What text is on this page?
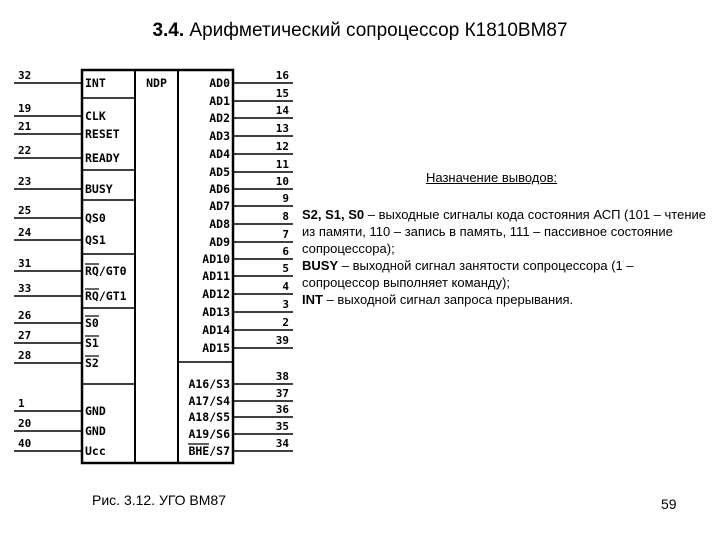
3.4. Арифметический сопроцессор К1810ВМ87
NDP
32
INT
19
CLK
21
RESET
22
READY
23
BUSY
25
QS0
24
QS1
31
RQ/GT0
33
RQ/GT1
26
S0
27
S1
28
S2
1
GND
20
GND
40
Ucc
16
AD0
15
AD1
14
AD2
13
AD3
12
AD4
11
AD5
10
AD6
9
AD7
8
AD8
7
AD9
6
AD10
5
AD11
4
AD12
3
AD13
2
AD14
39
AD15
38
A16/S3
37
A17/S4
36
A18/S5
35
A19/S6
34
BHE/S7
Назначение выводов:

S2, S1, S0 – выходные сигналы кода состояния АСП (101 – чтение из памяти, 110 – запись в память, 111 – пассивное состояние сопроцессора);

BUSY – выходной сигнал занятости сопроцессора (1 – сопроцессор выполняет команду);

INT – выходной сигнал запроса прерывания.

Рис. 3.12. УГО ВМ87	59
